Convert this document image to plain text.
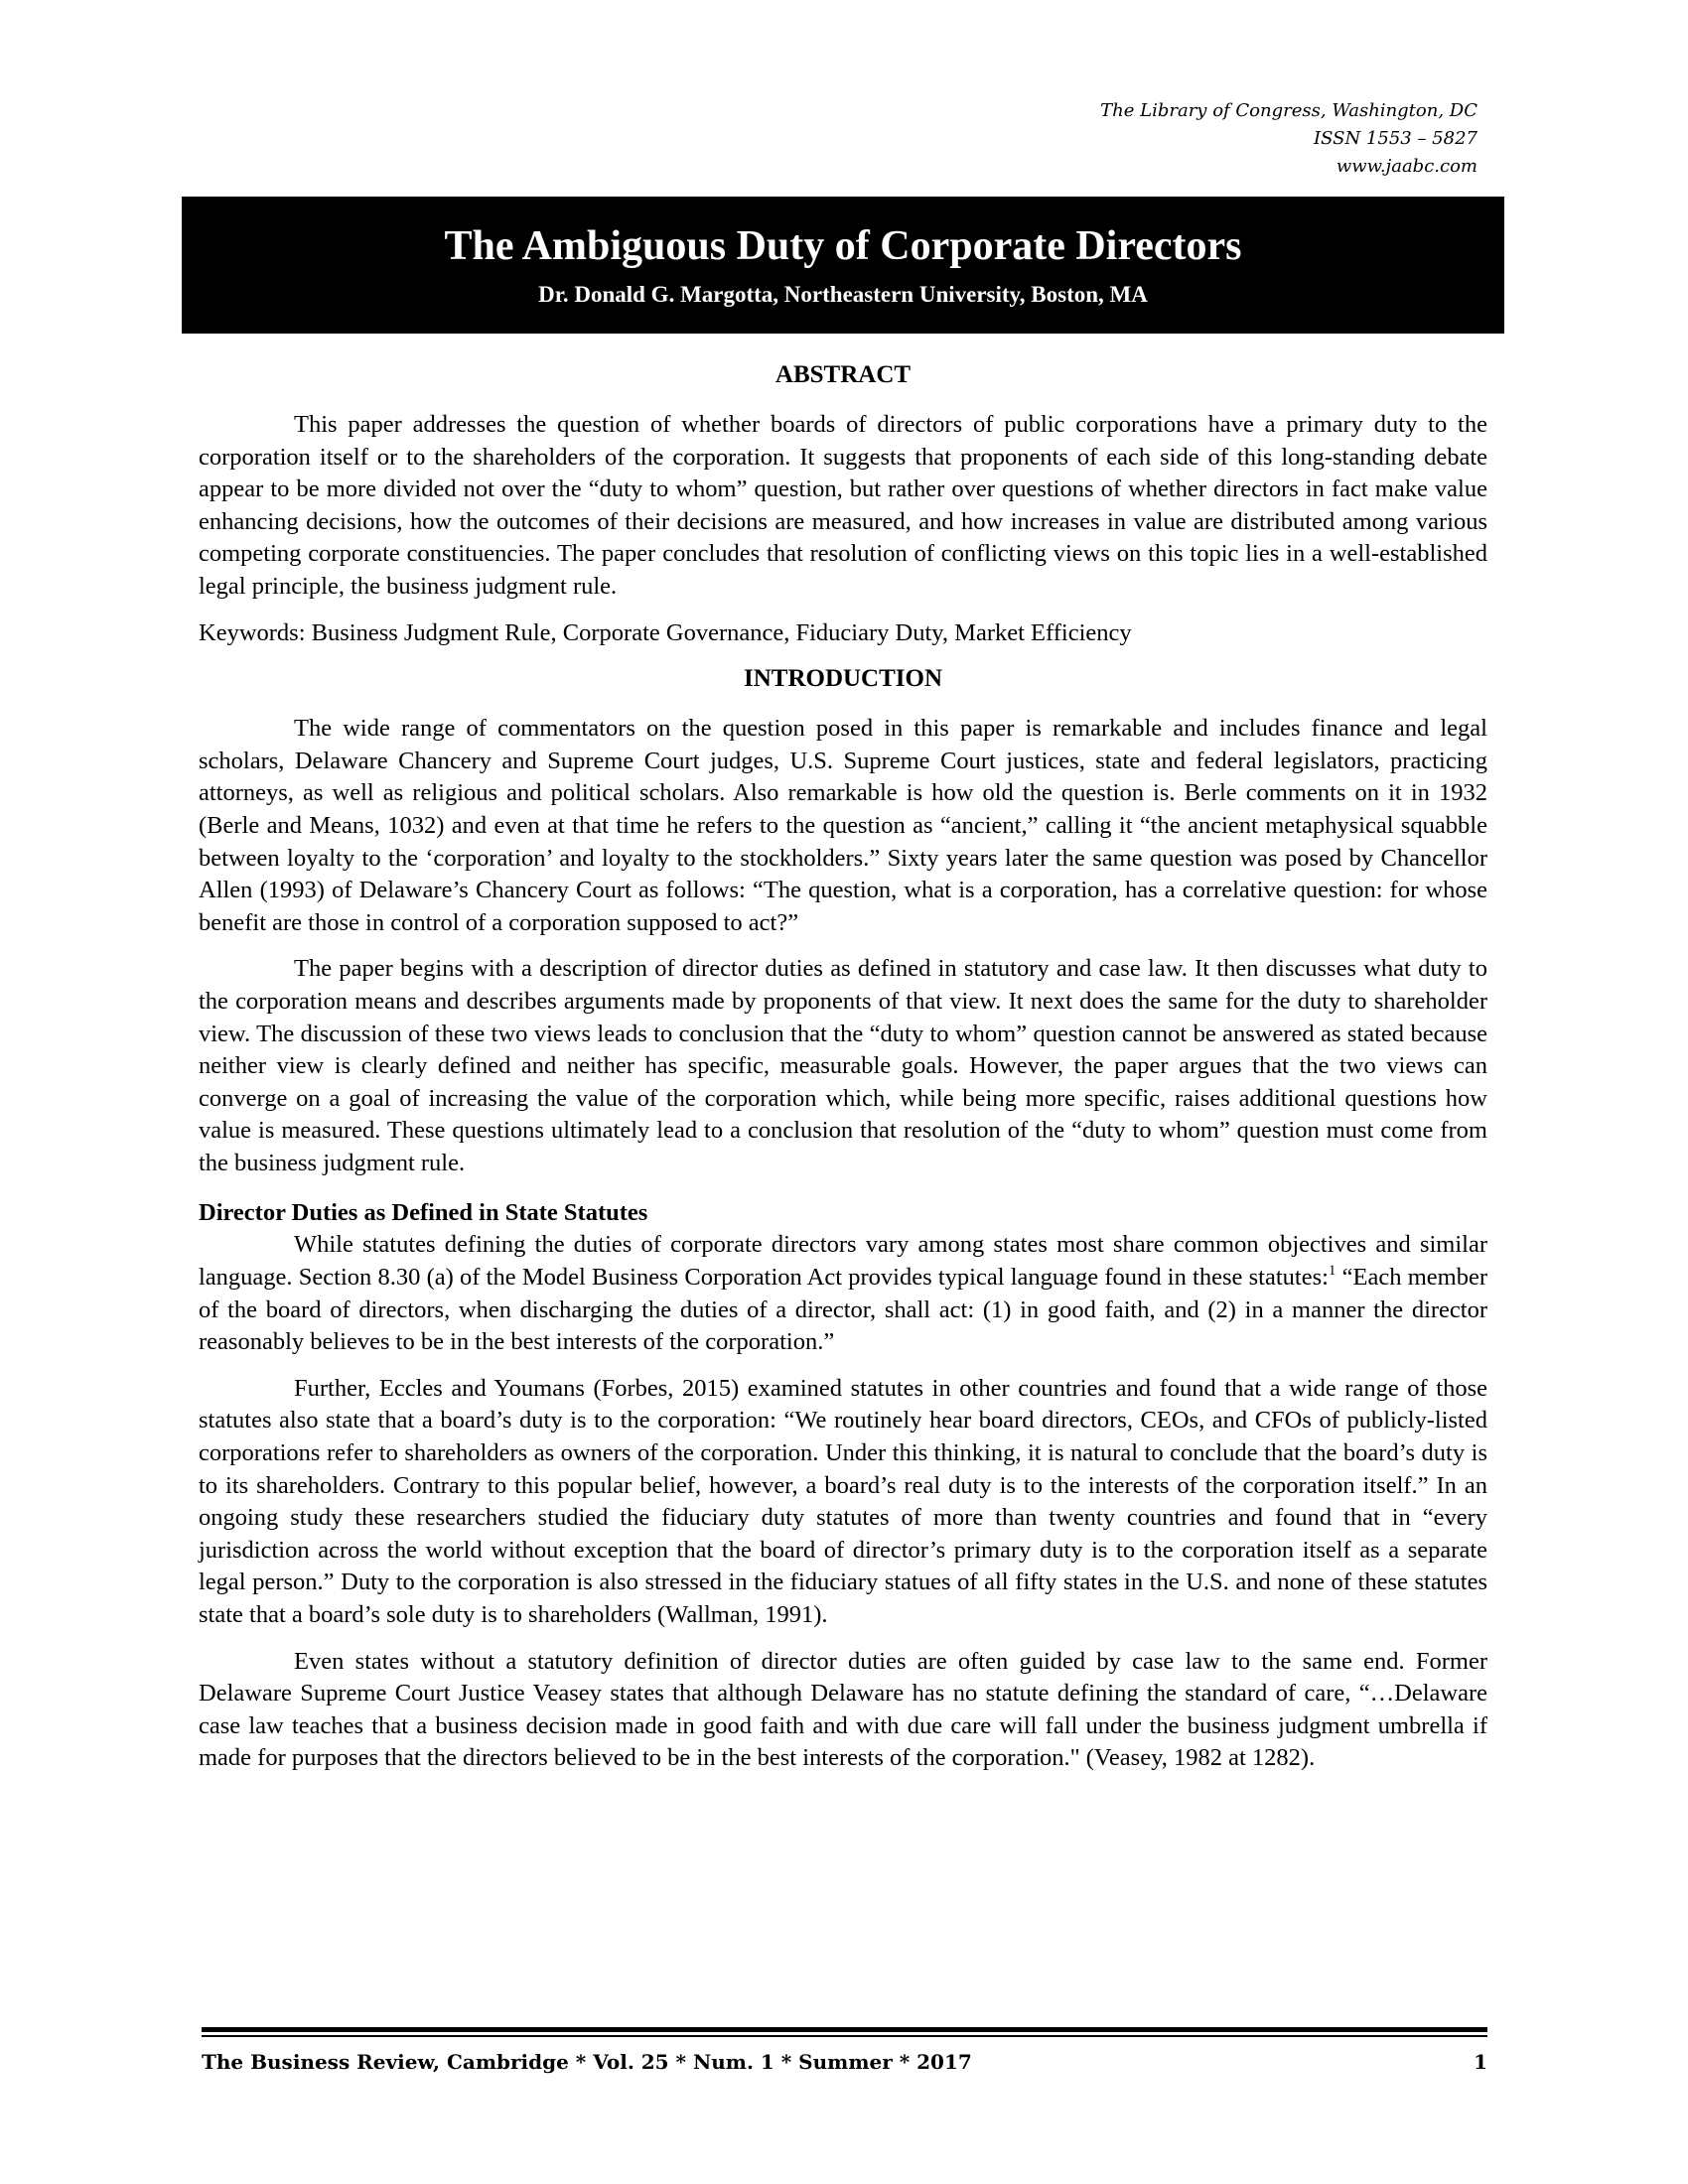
The Library of Congress, Washington, DC
ISSN 1553 – 5827
www.jaabc.com
The Ambiguous Duty of Corporate Directors
Dr. Donald G. Margotta, Northeastern University, Boston, MA
ABSTRACT

This paper addresses the question of whether boards of directors of public corporations have a primary duty to the corporation itself or to the shareholders of the corporation. It suggests that proponents of each side of this long-standing debate appear to be more divided not over the “duty to whom” question, but rather over questions of whether directors in fact make value enhancing decisions, how the outcomes of their decisions are measured, and how increases in value are distributed among various competing corporate constituencies. The paper concludes that resolution of conflicting views on this topic lies in a well-established legal principle, the business judgment rule.

Keywords: Business Judgment Rule, Corporate Governance, Fiduciary Duty, Market Efficiency

INTRODUCTION

The wide range of commentators on the question posed in this paper is remarkable and includes finance and legal scholars, Delaware Chancery and Supreme Court judges, U.S. Supreme Court justices, state and federal legislators, practicing attorneys, as well as religious and political scholars. Also remarkable is how old the question is. Berle comments on it in 1932 (Berle and Means, 1032) and even at that time he refers to the question as “ancient,” calling it “the ancient metaphysical squabble between loyalty to the ‘corporation’ and loyalty to the stockholders.” Sixty years later the same question was posed by Chancellor Allen (1993) of Delaware’s Chancery Court as follows: “The question, what is a corporation, has a correlative question: for whose benefit are those in control of a corporation supposed to act?”

The paper begins with a description of director duties as defined in statutory and case law. It then discusses what duty to the corporation means and describes arguments made by proponents of that view. It next does the same for the duty to shareholder view. The discussion of these two views leads to conclusion that the “duty to whom” question cannot be answered as stated because neither view is clearly defined and neither has specific, measurable goals. However, the paper argues that the two views can converge on a goal of increasing the value of the corporation which, while being more specific, raises additional questions how value is measured. These questions ultimately lead to a conclusion that resolution of the “duty to whom” question must come from the business judgment rule.

Director Duties as Defined in State Statutes

While statutes defining the duties of corporate directors vary among states most share common objectives and similar language. Section 8.30 (a) of the Model Business Corporation Act provides typical language found in these statutes:$^1$ “Each member of the board of directors, when discharging the duties of a director, shall act: (1) in good faith, and (2) in a manner the director reasonably believes to be in the best interests of the corporation.”

Further, Eccles and Youmans (Forbes, 2015) examined statutes in other countries and found that a wide range of those statutes also state that a board’s duty is to the corporation: “We routinely hear board directors, CEOs, and CFOs of publicly-listed corporations refer to shareholders as owners of the corporation. Under this thinking, it is natural to conclude that the board’s duty is to its shareholders. Contrary to this popular belief, however, a board’s real duty is to the interests of the corporation itself.” In an ongoing study these researchers studied the fiduciary duty statutes of more than twenty countries and found that in “every jurisdiction across the world without exception that the board of director’s primary duty is to the corporation itself as a separate legal person.” Duty to the corporation is also stressed in the fiduciary statues of all fifty states in the U.S. and none of these statutes state that a board’s sole duty is to shareholders (Wallman, 1991).

Even states without a statutory definition of director duties are often guided by case law to the same end. Former Delaware Supreme Court Justice Veasey states that although Delaware has no statute defining the standard of care, “…Delaware case law teaches that a business decision made in good faith and with due care will fall under the business judgment umbrella if made for purposes that the directors believed to be in the best interests of the corporation." (Veasey, 1982 at 1282).

The Business Review, Cambridge * Vol. 25 * Num. 1 * Summer * 2017	1
